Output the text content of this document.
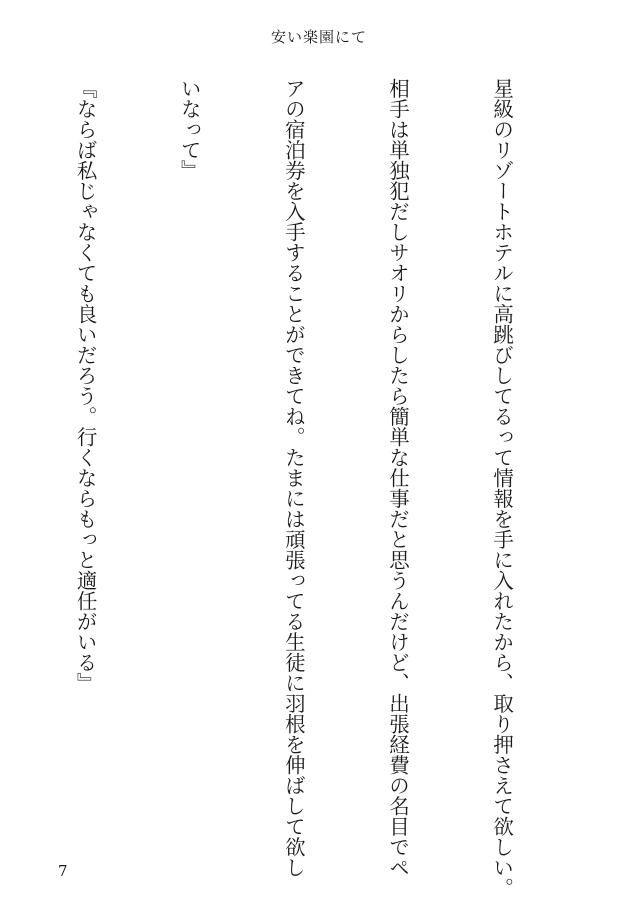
安い楽園にて

星級のリゾートホテルに高跳びしてるって情報を手に入れたから、取り押さえて欲しい。

相手は単独犯だしサオリからしたら簡単な仕事だと思うんだけど、出張経費の名目でペ

アの宿泊券を入手することができてね。たまには頑張ってる生徒に羽根を伸ばして欲し

いなって』

『ならば私じゃなくても良いだろう。行くならもっと適任がいる』

7
